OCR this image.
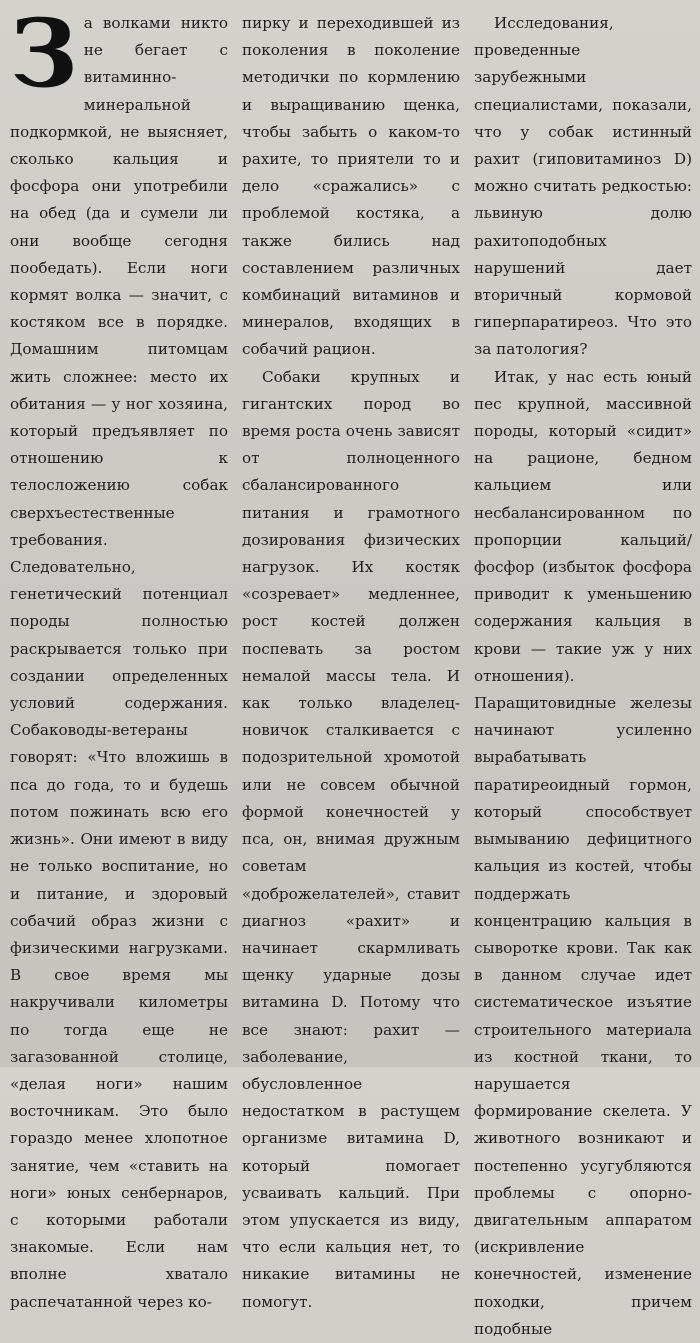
За волками никто не бегает с витаминно-минеральной подкормкой, не выясняет, сколько кальция и фосфора они употребили на обед (да и сумели ли они вообще сегодня пообедать). Если ноги кормят волка — значит, с костяком все в порядке. Домашним питомцам жить сложнее: место их обитания — у ног хозяина, который предъявляет по отношению к телосложению собак сверхъестественные требования. Следовательно, генетический потенциал породы полностью раскрывается только при создании определенных условий содержания. Собаководы-ветераны говорят: «Что вложишь в пса до года, то и будешь потом пожинать всю его жизнь». Они имеют в виду не только воспитание, но и питание, и здоровый собачий образ жизни с физическими нагрузками. В свое время мы накручивали километры по тогда еще не загазованной столице, «делая ноги» нашим восточникам. Это было гораздо менее хлопотное занятие, чем «ставить на ноги» юных сенбернаров, с которыми работали знакомые. Если нам вполне хватало распечатанной через ко-

пирку и переходившей из поколения в поколение методички по кормлению и выращиванию щенка, чтобы забыть о каком-то рахите, то приятели то и дело «сражались» с проблемой костяка, а также бились над составлением различных комбинаций витаминов и минералов, входящих в собачий рацион.

Собаки крупных и гигантских пород во время роста очень зависят от полноценного сбалансированного питания и грамотного дозирования физических нагрузок. Их костяк «созревает» медленнее, рост костей должен поспевать за ростом немалой массы тела. И как только владелец-новичок сталкивается с подозрительной хромотой или не совсем обычной формой конечностей у пса, он, внимая дружным советам «доброжелателей», ставит диагноз «рахит» и начинает скармливать щенку ударные дозы витамина D. Потому что все знают: рахит — заболевание, обусловленное недостатком в растущем организме витамина D, который помогает усваивать кальций. При этом упускается из виду, что если кальция нет, то никакие витамины не помогут.

Исследования, проведенные зарубежными специалистами, показали, что у собак истинный рахит (гиповитаминоз D) можно считать редкостью: львиную долю рахитоподобных нарушений дает вторичный кормовой гиперпаратиреоз. Что это за патология?

Итак, у нас есть юный пес крупной, массивной породы, который «сидит» на рационе, бедном кальцием или несбалансированном по пропорции кальций/фосфор (избыток фосфора приводит к уменьшению содержания кальция в крови — такие уж у них отношения). Паращитовидные железы начинают усиленно вырабатывать паратиреоидный гормон, который способствует вымыванию дефицитного кальция из костей, чтобы поддержать концентрацию кальция в сыворотке крови. Так как в данном случае идет систематическое изъятие строительного материала из костной ткани, то нарушается формирование скелета. У животного возникают и постепенно усугубляются проблемы с опорно-двигательным аппаратом (искривление конечностей, изменение походки, причем подобные
